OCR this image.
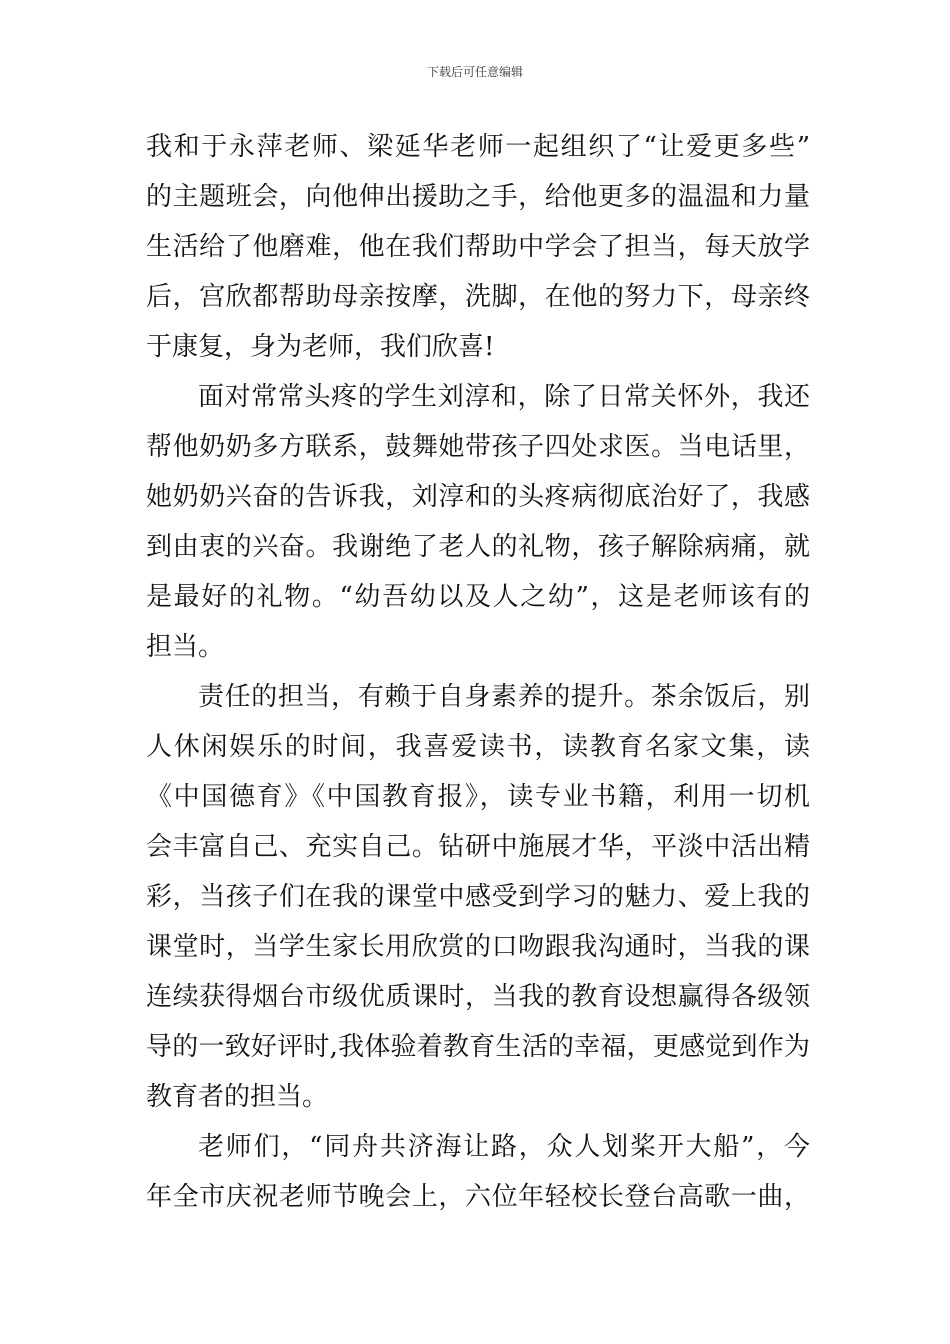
下载后可任意编辑
我和于永萍老师、梁延华老师一起组织了“让爱更多些”
的主题班会，向他伸出援助之手，给他更多的温温和力量
生活给了他磨难，他在我们帮助中学会了担当，每天放学
后，宫欣都帮助母亲按摩，洗脚，在他的努力下，母亲终
于康复，身为老师，我们欣喜!
面对常常头疼的学生刘淳和，除了日常关怀外，我还
帮他奶奶多方联系，鼓舞她带孩子四处求医。当电话里，
她奶奶兴奋的告诉我，刘淳和的头疼病彻底治好了，我感
到由衷的兴奋。我谢绝了老人的礼物，孩子解除病痛，就
是最好的礼物。“幼吾幼以及人之幼”，这是老师该有的
担当。
责任的担当，有赖于自身素养的提升。茶余饭后，别
人休闲娱乐的时间，我喜爱读书，读教育名家文集，读
《中国德育》《中国教育报》，读专业书籍，利用一切机
会丰富自己、充实自己。钻研中施展才华，平淡中活出精
彩，当孩子们在我的课堂中感受到学习的魅力、爱上我的
课堂时，当学生家长用欣赏的口吻跟我沟通时，当我的课
连续获得烟台市级优质课时，当我的教育设想赢得各级领
导的一致好评时,我体验着教育生活的幸福，更感觉到作为
教育者的担当。
老师们，“同舟共济海让路，众人划桨开大船”，今
年全市庆祝老师节晚会上，六位年轻校长登台高歌一曲，
